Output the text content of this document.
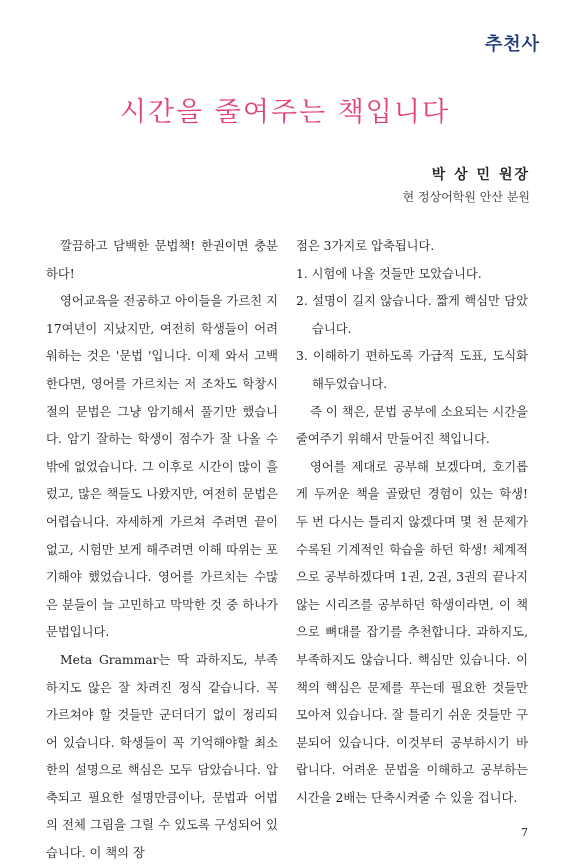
추천사
시간을 줄여주는 책입니다
박 상 민 원장
현 정상어학원 안산 분원

깔끔하고 담백한 문법책! 한권이면 충분하다!

영어교육을 전공하고 아이들을 가르친 지 17여년이 지났지만, 여전히 학생들이 어려워하는 것은 '문법 '입니다. 이제 와서 고백한다면, 영어를 가르치는 저 조차도 학창시절의 문법은 그냥 암기해서 풀기만 했습니다. 암기 잘하는 학생이 점수가 잘 나올 수밖에 없었습니다. 그 이후로 시간이 많이 흘렀고, 많은 책들도 나왔지만, 여전히 문법은 어렵습니다. 자세하게 가르쳐 주려면 끝이 없고, 시험만 보게 해주려면 이해 따위는 포기해야 했었습니다. 영어를 가르치는 수많은 분들이 늘 고민하고 막막한 것 중 하나가 문법입니다.

Meta Grammar는 딱 과하지도, 부족하지도 않은 잘 차려진 정식 같습니다. 꼭 가르쳐야 할 것들만 군더더기 없이 정리되어 있습니다. 학생들이 꼭 기억해야할 최소한의 설명으로 핵심은 모두 담았습니다. 압축되고 필요한 설명만큼이나, 문법과 어법의 전체 그림을 그릴 수 있도록 구성되어 있습니다. 이 책의 장

점은 3가지로 압축됩니다.

1. 시험에 나올 것들만 모았습니다.

2. 설명이 길지 않습니다. 짧게 핵심만 담았습니다.

3. 이해하기 편하도록 가급적 도표, 도식화 해두었습니다.

즉 이 책은, 문법 공부에 소요되는 시간을 줄여주기 위해서 만들어진 책입니다.

영어를 제대로 공부해 보겠다며, 호기롭게 두꺼운 책을 골랐던 경험이 있는 학생! 두 번 다시는 틀리지 않겠다며 몇 천 문제가 수록된 기계적인 학습을 하던 학생! 체계적으로 공부하겠다며 1권, 2권, 3권의 끝나지 않는 시리즈를 공부하던 학생이라면, 이 책으로 뼈대를 잡기를 추천합니다. 과하지도, 부족하지도 않습니다. 핵심만 있습니다. 이 책의 핵심은 문제를 푸는데 필요한 것들만 모아져 있습니다. 잘 틀리기 쉬운 것들만 구분되어 있습니다. 이것부터 공부하시기 바랍니다. 어려운 문법을 이해하고 공부하는 시간을 2배는 단축시켜줄 수 있을 겁니다.

7
